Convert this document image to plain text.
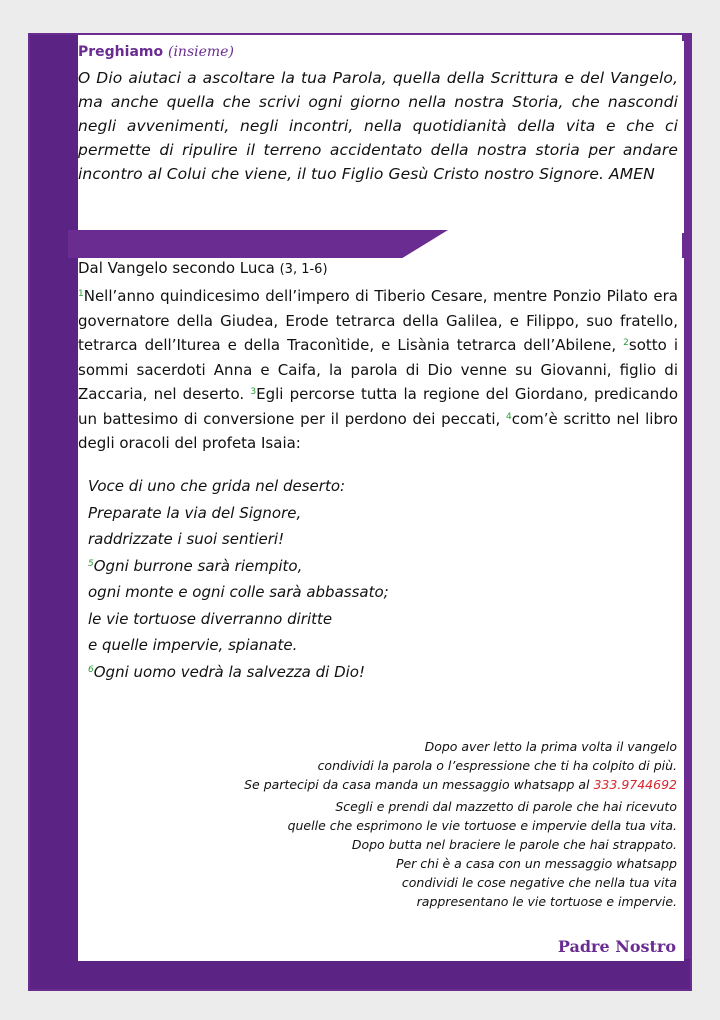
Preghiamo (insieme)
O Dio aiutaci a ascoltare la tua Parola, quella della Scrittura e del Vangelo, ma anche quella che scrivi ogni giorno nella nostra Storia, che nascondi negli avvenimenti, negli incontri, nella quotidianità della vita e che ci permette di ripulire il terreno accidentato della nostra storia per andare incontro al Colui che viene, il tuo Figlio Gesù Cristo nostro Signore. AMEN
Dal Vangelo secondo Luca (3, 1-6)
$^1$Nell’anno quindicesimo dell’impero di Tiberio Cesare, mentre Ponzio Pilato era governatore della Giudea, Erode tetrarca della Galilea, e Filippo, suo fratello, tetrarca dell’Iturea e della Traconìtide, e Lisània tetrarca dell’Abilene, $^2$sotto i sommi sacerdoti Anna e Caifa, la parola di Dio venne su Giovanni, figlio di Zaccaria, nel deserto. $^3$Egli percorse tutta la regione del Giordano, predicando un battesimo di conversione per il perdono dei peccati, $^4$com’è scritto nel libro degli oracoli del profeta Isaia:
Voce di uno che grida nel deserto:
Preparate la via del Signore,
raddrizzate i suoi sentieri!
$^5$Ogni burrone sarà riempito,
ogni monte e ogni colle sarà abbassato;
le vie tortuose diverranno diritte
e quelle impervie, spianate.
$^6$Ogni uomo vedrà la salvezza di Dio!
Dopo aver letto la prima volta il vangelo
condividi la parola o l’espressione che ti ha colpito di più.
Se partecipi da casa manda un messaggio whatsapp al 333.9744692
Scegli e prendi dal mazzetto di parole che hai ricevuto
quelle che esprimono le vie tortuose e impervie della tua vita.
Dopo butta nel braciere le parole che hai strappato.
Per chi è a casa con un messaggio whatsapp
condividi le cose negative che nella tua vita
rappresentano le vie tortuose e impervie.
Padre Nostro
